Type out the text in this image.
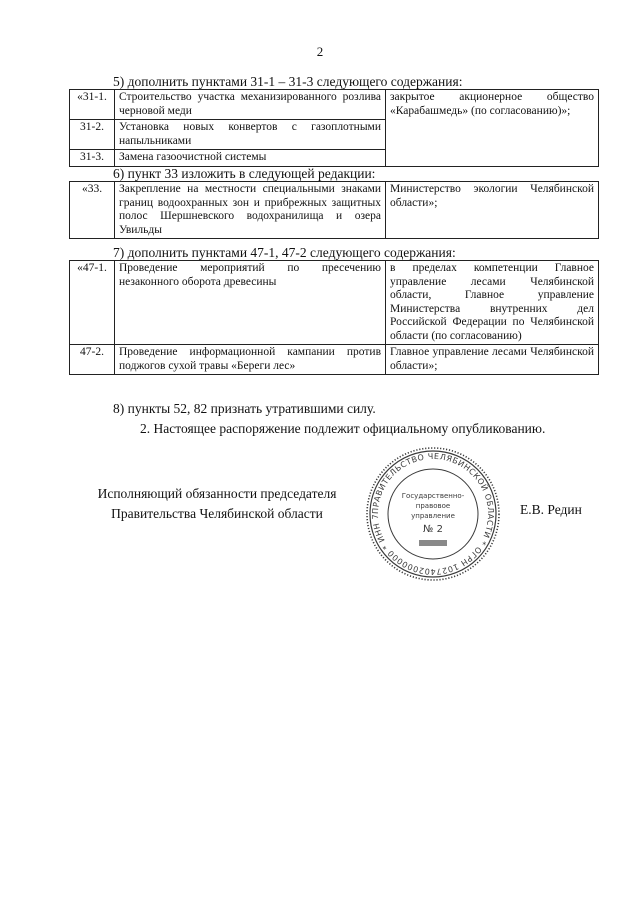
2
5) дополнить пунктами 31-1 – 31-3 следующего содержания:
«31-1.	Строительство участка механизированного розлива черновой меди	закрытое акционерное общество «Карабашмедь» (по согласованию)»;
31-2.	Установка новых конвертов с газоплотными напыльниками	
31-3.	Замена газоочистной системы	
6) пункт 33 изложить в следующей редакции:
«33.	Закрепление на местности специальными знаками границ водоохранных зон и прибрежных защитных полос Шершневского водохранилища и озера Увильды	Министерство экологии Челябинской области»;
7) дополнить пунктами 47-1, 47-2 следующего содержания:
«47-1.	Проведение мероприятий по пресечению незаконного оборота древесины	в пределах компетенции Главное управление лесами Челябинской области, Главное управление Министерства внутренних дел Российской Федерации по Челябинской области (по согласованию)
47-2.	Проведение информационной кампании против поджогов сухой травы «Береги лес»	Главное управление лесами Челябинской области»;
8) пункты 52, 82 признать утратившими силу.
2. Настоящее распоряжение подлежит официальному опубликованию.
Исполняющий обязанности председателя
Правительства Челябинской области	Е.В. Редин
ПРАВИТЕЛЬСТВО ЧЕЛЯБИНСКОЙ ОБЛАСТИ * ОГРН 1027402000000 * ИНН 7
Государственно-
правовое
управление
№ 2
